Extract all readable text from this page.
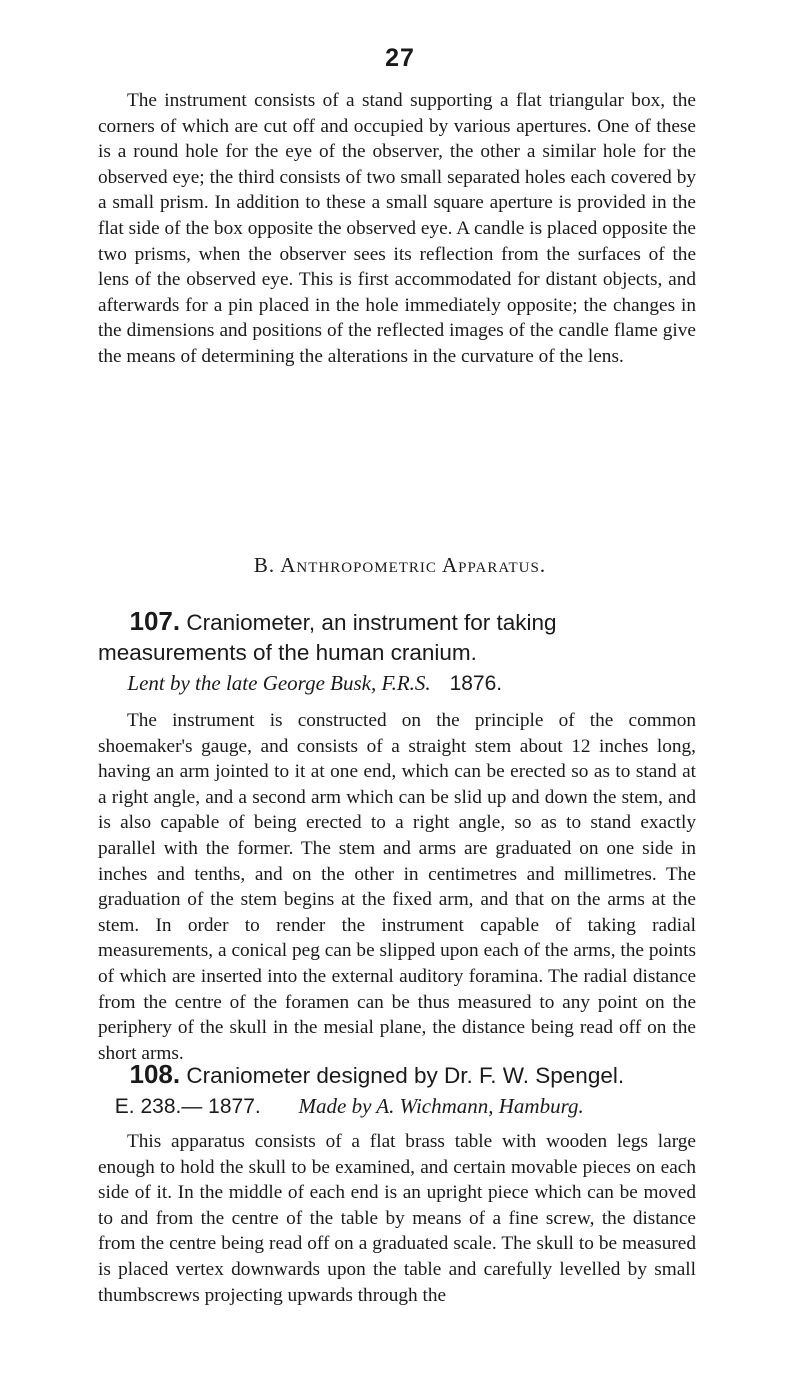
27

The instrument consists of a stand supporting a flat triangular box, the corners of which are cut off and occupied by various apertures. One of these is a round hole for the eye of the observer, the other a similar hole for the observed eye; the third consists of two small separated holes each covered by a small prism. In addition to these a small square aperture is provided in the flat side of the box opposite the observed eye. A candle is placed opposite the two prisms, when the observer sees its reflection from the surfaces of the lens of the observed eye. This is first accommodated for distant objects, and afterwards for a pin placed in the hole immediately opposite; the changes in the dimensions and positions of the reflected images of the candle flame give the means of determining the alterations in the curvature of the lens.

B. Anthropometric Apparatus.

107. Craniometer, an instrument for taking measurements of the human cranium.

Lent by the late George Busk, F.R.S. 1876.

The instrument is constructed on the principle of the common shoemaker's gauge, and consists of a straight stem about 12 inches long, having an arm jointed to it at one end, which can be erected so as to stand at a right angle, and a second arm which can be slid up and down the stem, and is also capable of being erected to a right angle, so as to stand exactly parallel with the former. The stem and arms are graduated on one side in inches and tenths, and on the other in centimetres and millimetres. The graduation of the stem begins at the fixed arm, and that on the arms at the stem. In order to render the instrument capable of taking radial measurements, a conical peg can be slipped upon each of the arms, the points of which are inserted into the external auditory foramina. The radial distance from the centre of the foramen can be thus measured to any point on the periphery of the skull in the mesial plane, the distance being read off on the short arms.

108. Craniometer designed by Dr. F. W. Spengel.

E. 238.— 1877. Made by A. Wichmann, Hamburg.

This apparatus consists of a flat brass table with wooden legs large enough to hold the skull to be examined, and certain movable pieces on each side of it. In the middle of each end is an upright piece which can be moved to and from the centre of the table by means of a fine screw, the distance from the centre being read off on a graduated scale. The skull to be measured is placed vertex downwards upon the table and carefully levelled by small thumbscrews projecting upwards through the
